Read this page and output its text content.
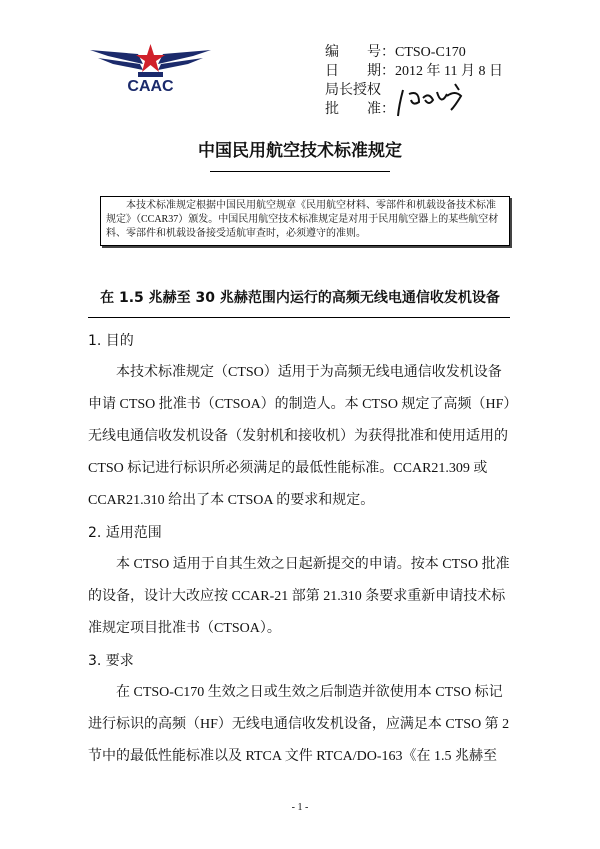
CAAC
编　　号：CTSO-C170
日　　期：2012 年 11 月 8 日
局长授权
批　　准：
中国民用航空技术标准规定
　　本技术标准规定根据中国民用航空规章《民用航空材料、零部件和机载设备技术标准规定》（CCAR37）颁发。中国民用航空技术标准规定是对用于民用航空器上的某些航空材料、零部件和机载设备接受适航审查时，必须遵守的准则。
在 1.5 兆赫至 30 兆赫范围内运行的高频无线电通信收发机设备
1. 目的
　　本技术标准规定（CTSO）适用于为高频无线电通信收发机设备
申请 CTSO 批准书（CTSOA）的制造人。本 CTSO 规定了高频（HF）
无线电通信收发机设备（发射机和接收机）为获得批准和使用适用的
CTSO 标记进行标识所必须满足的最低性能标准。CCAR21.309 或
CCAR21.310 给出了本 CTSOA 的要求和规定。
2. 适用范围
　　本 CTSO 适用于自其生效之日起新提交的申请。按本 CTSO 批准
的设备，设计大改应按 CCAR-21 部第 21.310 条要求重新申请技术标
准规定项目批准书（CTSOA）。
3. 要求
　　在 CTSO-C170 生效之日或生效之后制造并欲使用本 CTSO 标记
进行标识的高频（HF）无线电通信收发机设备，应满足本 CTSO 第 2
节中的最低性能标准以及 RTCA 文件 RTCA/DO-163《在 1.5 兆赫至
- 1 -
